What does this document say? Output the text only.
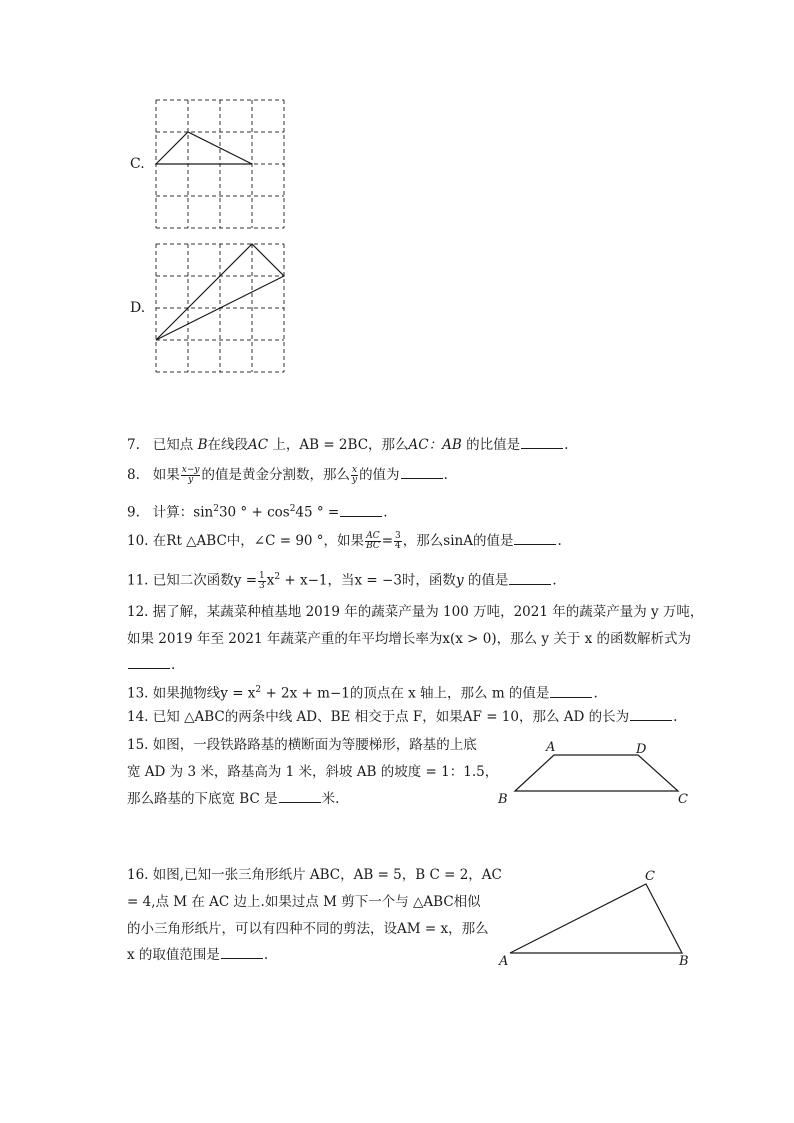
C.
D.
7. 已知点 B在线段AC 上，AB = 2BC，那么AC：AB 的比值是	.
8. 如果 $\frac{x-y}{y}$ 的值是黄金分割数，那么 $\frac{x}{y}$ 的值为	.
9. 计算：$\sin^230$ ° + $\cos^245$ ° =	.
10. 在Rt △ABC中，∠C = 90 °，如果 $\frac{AC}{BC} = \frac{3}{4}$ ，那么sinA的值是	.
11. 已知二次函数$y = \frac{1}{3} x^2 + x-1$，当x = −3时，函数y 的值是	.
12. 据了解，某蔬菜种植基地 2019 年的蔬菜产量为 100 万吨，2021 年的蔬菜产量为 y 万吨，
如果 2019 年至 2021 年蔬菜产重的年平均增长率为x(x > 0)，那么 y 关于 x 的函数解析式为
.
13. 如果抛物线$y = x^2 + 2x + m-1$的顶点在 x 轴上，那么 m 的值是	.
14. 已知 △ABC的两条中线 AD、BE 相交于点 F，如果AF = 10，那么 AD 的长为	.
15. 如图，一段铁路路基的横断面为等腰梯形，路基的上底
宽 AD 为 3 米，路基高为 1 米，斜坡 AB 的坡度 = 1：1.5，
那么路基的下底宽 BC 是	米.
A	D
B	C
16. 如图,已知一张三角形纸片 ABC，AB = 5，B C = 2，AC
= 4,点 M 在 AC 边上.如果过点 M 剪下一个与 △ABC相似
的小三角形纸片，可以有四种不同的剪法，设AM = x，那么
x 的取值范围是	.
C
A	B
